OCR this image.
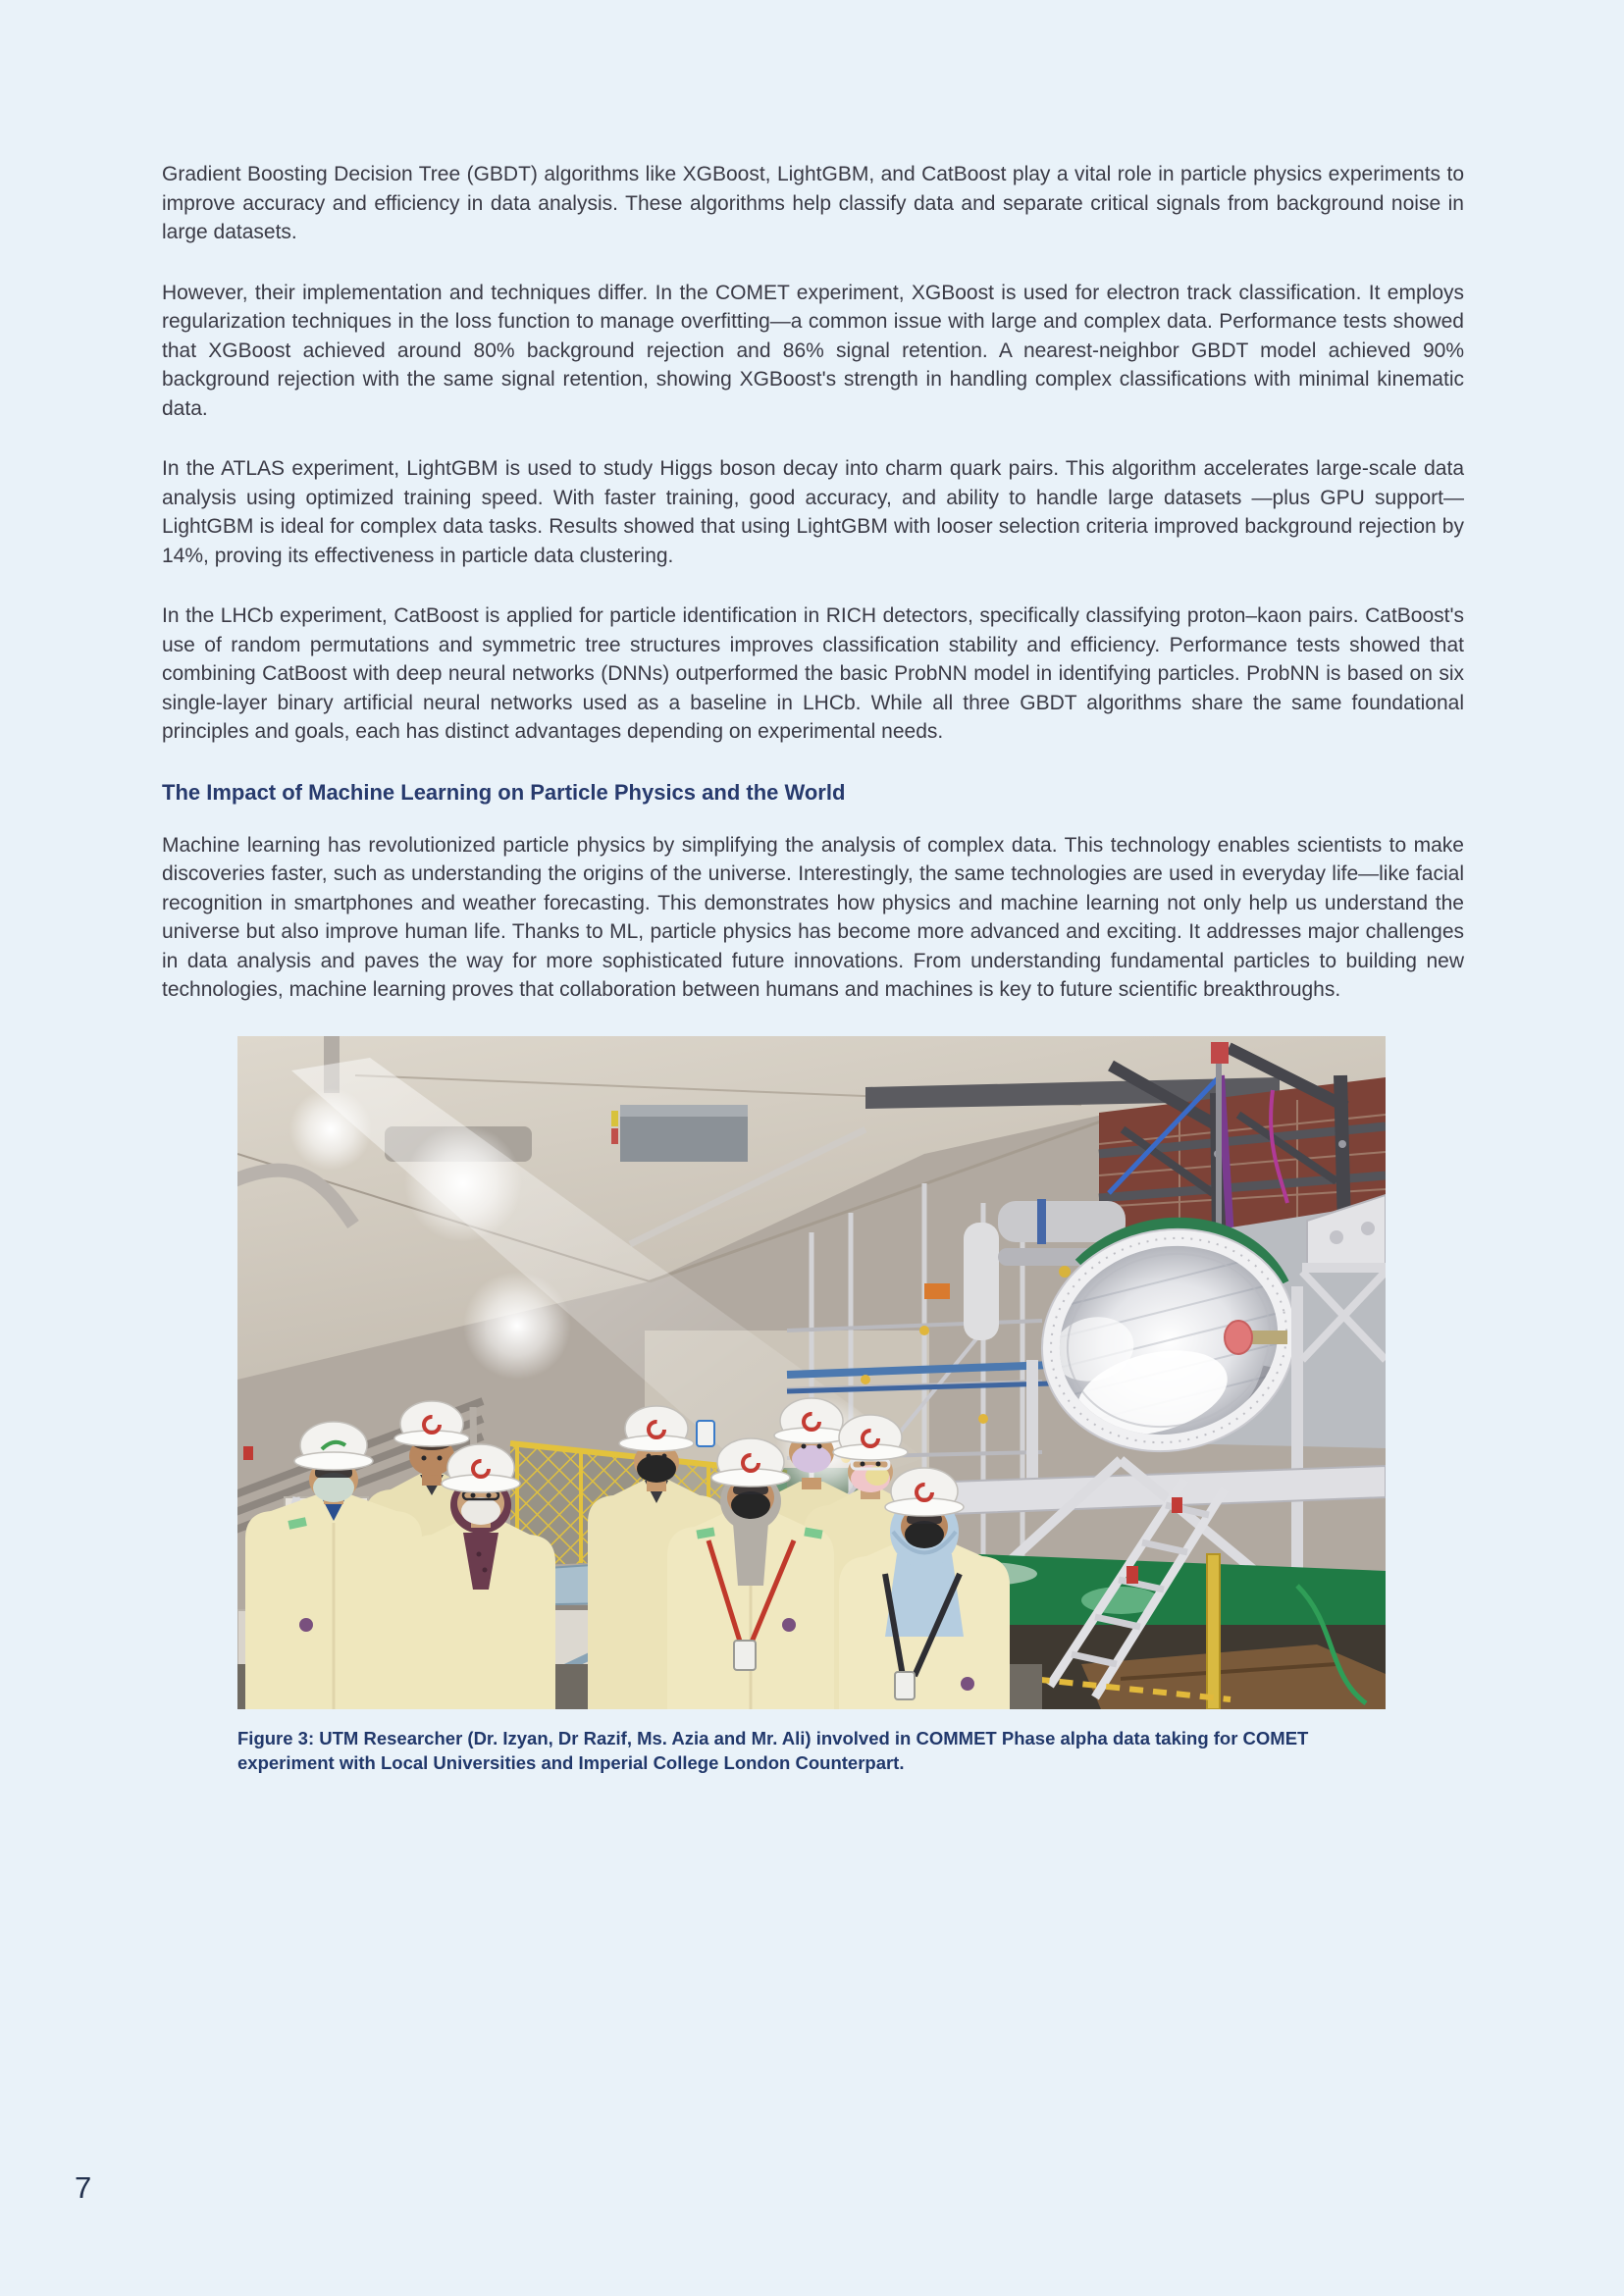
Gradient Boosting Decision Tree (GBDT) algorithms like XGBoost, LightGBM, and CatBoost play a vital role in particle physics experiments to improve accuracy and efficiency in data analysis. These algorithms help classify data and separate critical signals from background noise in large datasets.

However, their implementation and techniques differ. In the COMET experiment, XGBoost is used for electron track classification. It employs regularization techniques in the loss function to manage overfitting—a common issue with large and complex data. Performance tests showed that XGBoost achieved around 80% background rejection and 86% signal retention. A nearest-neighbor GBDT model achieved 90% background rejection with the same signal retention, showing XGBoost's strength in handling complex classifications with minimal kinematic data.

In the ATLAS experiment, LightGBM is used to study Higgs boson decay into charm quark pairs. This algorithm accelerates large-scale data analysis using optimized training speed. With faster training, good accuracy, and ability to handle large datasets —plus GPU support—LightGBM is ideal for complex data tasks. Results showed that using LightGBM with looser selection criteria improved background rejection by 14%, proving its effectiveness in particle data clustering.

In the LHCb experiment, CatBoost is applied for particle identification in RICH detectors, specifically classifying proton–kaon pairs. CatBoost's use of random permutations and symmetric tree structures improves classification stability and efficiency. Performance tests showed that combining CatBoost with deep neural networks (DNNs) outperformed the basic ProbNN model in identifying particles. ProbNN is based on six single-layer binary artificial neural networks used as a baseline in LHCb. While all three GBDT algorithms share the same foundational principles and goals, each has distinct advantages depending on experimental needs.

The Impact of Machine Learning on Particle Physics and the World

Machine learning has revolutionized particle physics by simplifying the analysis of complex data. This technology enables scientists to make discoveries faster, such as understanding the origins of the universe. Interestingly, the same technologies are used in everyday life—like facial recognition in smartphones and weather forecasting. This demonstrates how physics and machine learning not only help us understand the universe but also improve human life. Thanks to ML, particle physics has become more advanced and exciting. It addresses major challenges in data analysis and paves the way for more sophisticated future innovations. From understanding fundamental particles to building new technologies, machine learning proves that collaboration between humans and machines is key to future scientific breakthroughs.

Figure 3: UTM Researcher (Dr. Izyan, Dr Razif, Ms. Azia and Mr. Ali) involved in COMMET Phase alpha data taking for COMET experiment with Local Universities and Imperial College London Counterpart.
7
